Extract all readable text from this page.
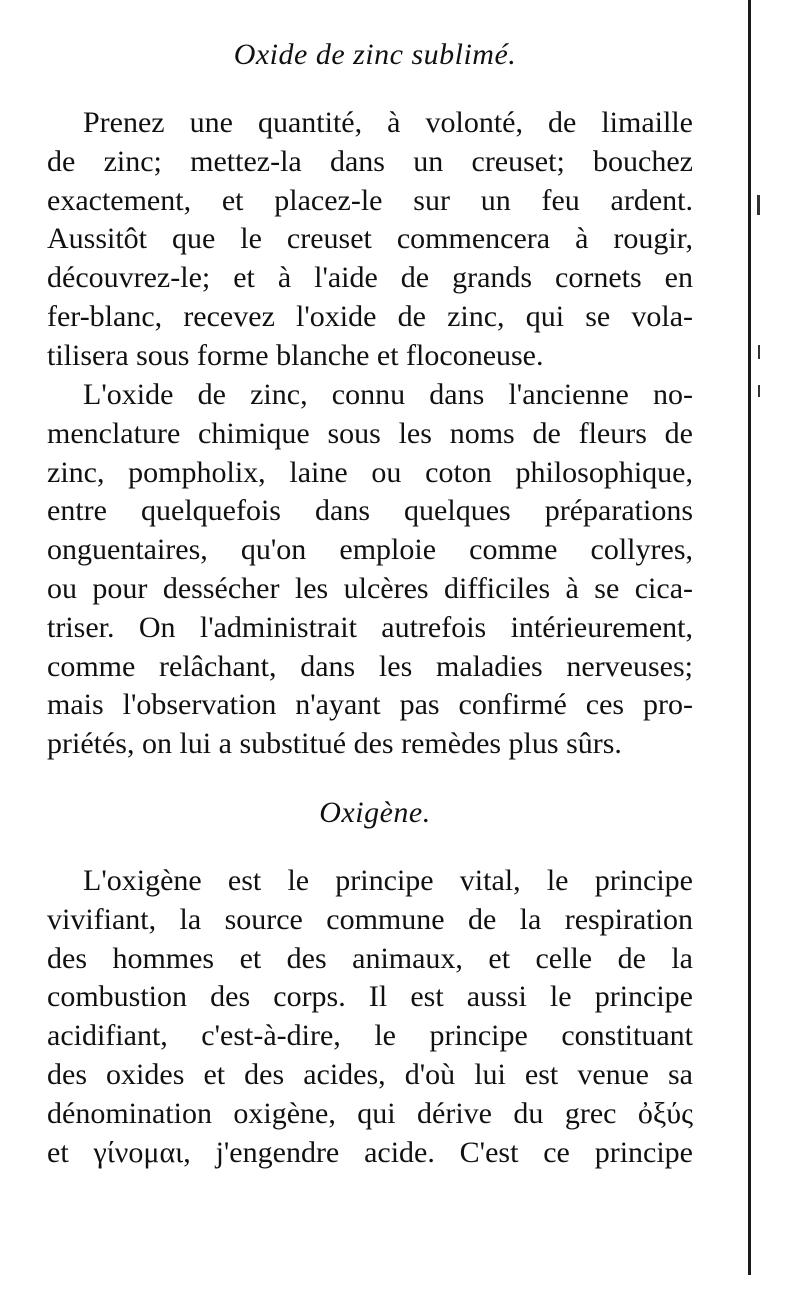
Oxide de zinc sublimé.
Prenez une quantité, à volonté, de limaille
de zinc; mettez-la dans un creuset; bouchez
exactement, et placez-le sur un feu ardent.
Aussitôt que le creuset commencera à rougir,
découvrez-le; et à l'aide de grands cornets en
fer-blanc, recevez l'oxide de zinc, qui se vola-
tilisera sous forme blanche et floconeuse.
L'oxide de zinc, connu dans l'ancienne no-
menclature chimique sous les noms de fleurs de
zinc, pompholix, laine ou coton philosophique,
entre quelquefois dans quelques préparations
onguentaires, qu'on emploie comme collyres,
ou pour dessécher les ulcères difficiles à se cica-
triser. On l'administrait autrefois intérieurement,
comme relâchant, dans les maladies nerveuses;
mais l'observation n'ayant pas confirmé ces pro-
priétés, on lui a substitué des remèdes plus sûrs.
Oxigène.
L'oxigène est le principe vital, le principe
vivifiant, la source commune de la respiration
des hommes et des animaux, et celle de la
combustion des corps. Il est aussi le principe
acidifiant, c'est-à-dire, le principe constituant
des oxides et des acides, d'où lui est venue sa
dénomination oxigène, qui dérive du grec ὀξύς
et γίνομαι, j'engendre acide. C'est ce principe
